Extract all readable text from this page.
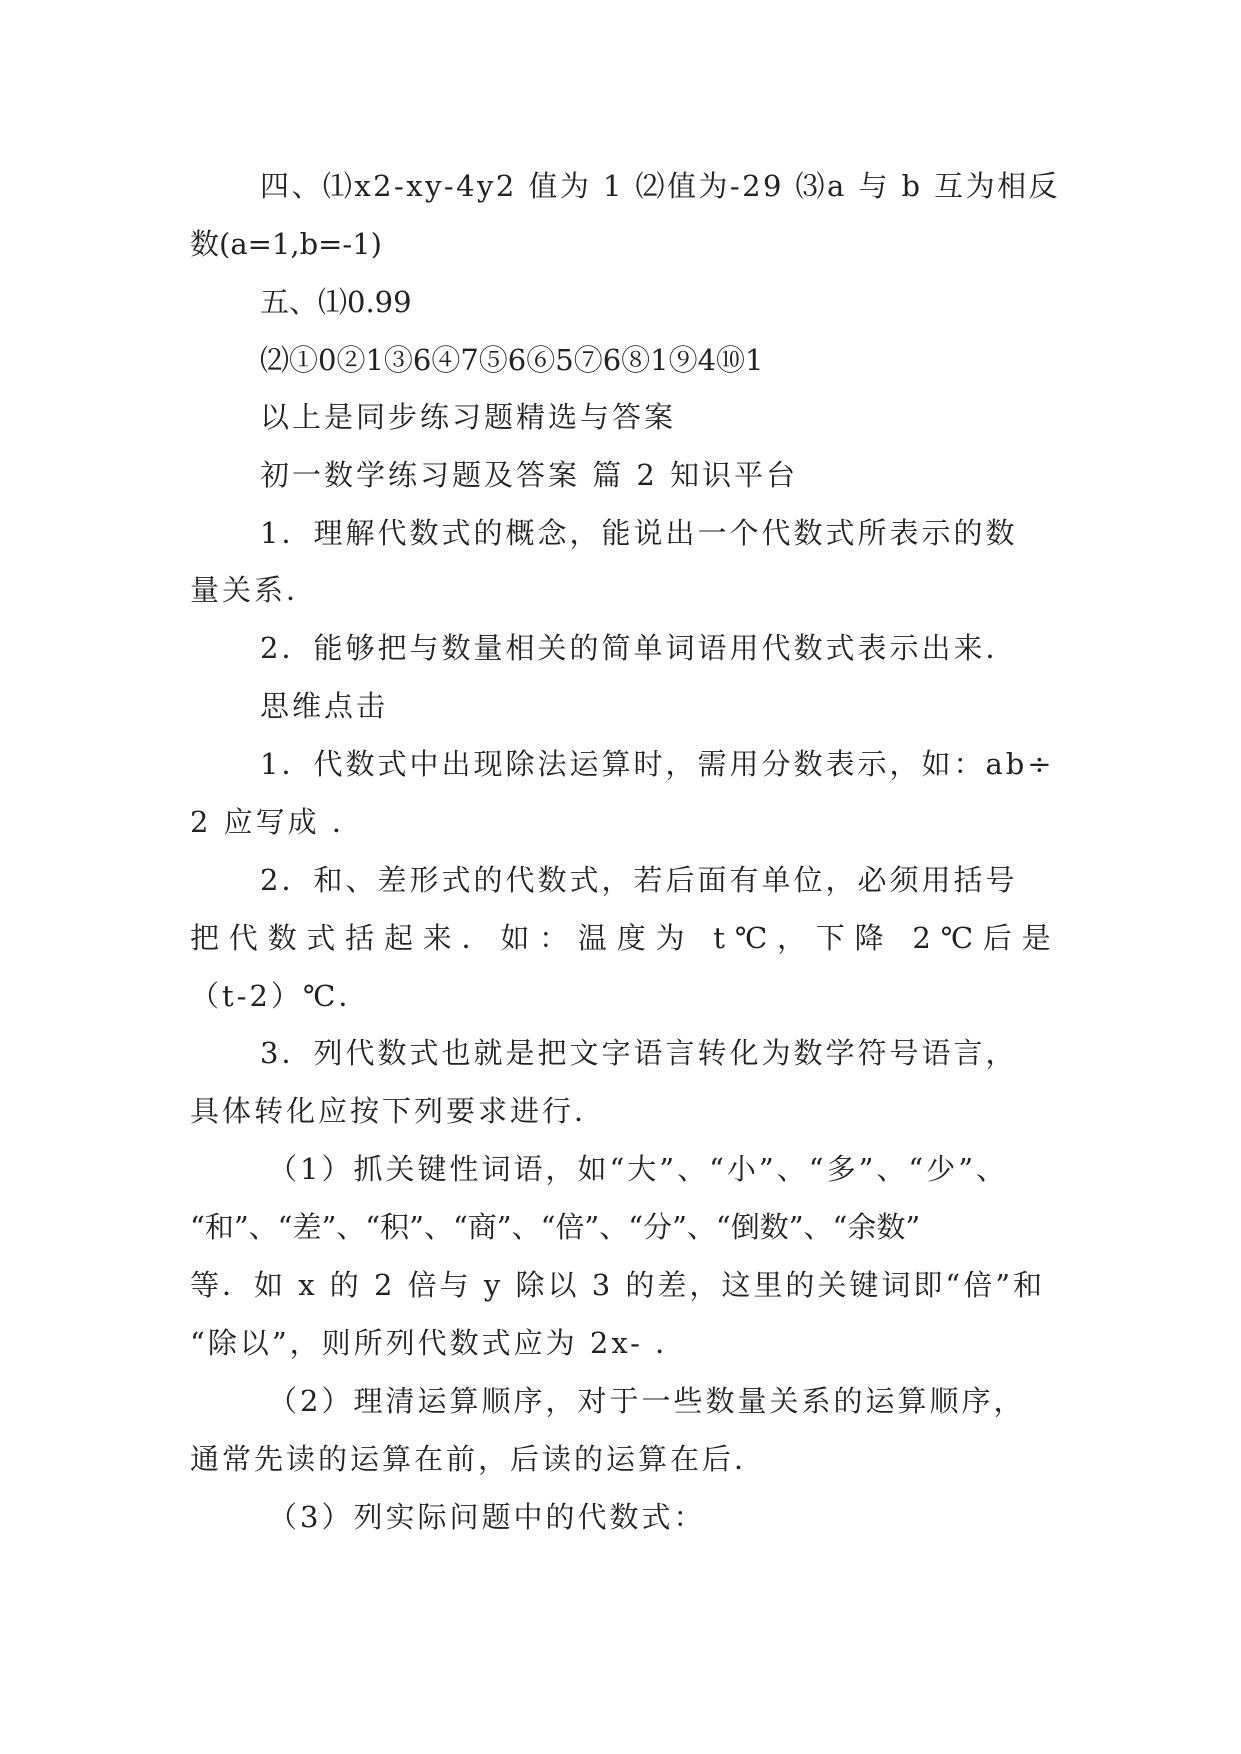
四、⑴x2-xy-4y2 值为 1 ⑵值为-29 ⑶a 与 b 互为相反
数(a=1,b=-1)
五、⑴0.99
⑵①0②1③6④7⑤6⑥5⑦6⑧1⑨4⑩1
以上是同步练习题精选与答案
初一数学练习题及答案 篇 2 知识平台
1．理解代数式的概念，能说出一个代数式所表示的数
量关系．
2．能够把与数量相关的简单词语用代数式表示出来．
思维点击
1．代数式中出现除法运算时，需用分数表示，如：ab÷
2 应写成 ．
2．和、差形式的代数式，若后面有单位，必须用括号
把代数式括起来．如：温度为 t℃，下降 2℃后是
（t-2）℃．
3．列代数式也就是把文字语言转化为数学符号语言，
具体转化应按下列要求进行．
（1）抓关键性词语，如“大”、“小”、“多”、“少”、
“和”、“差”、“积”、“商”、“倍”、“分”、“倒数”、“余数”
等．如 x 的 2 倍与 y 除以 3 的差，这里的关键词即“倍”和
“除以”，则所列代数式应为 2x- ．
（2）理清运算顺序，对于一些数量关系的运算顺序，
通常先读的运算在前，后读的运算在后．
（3）列实际问题中的代数式：
